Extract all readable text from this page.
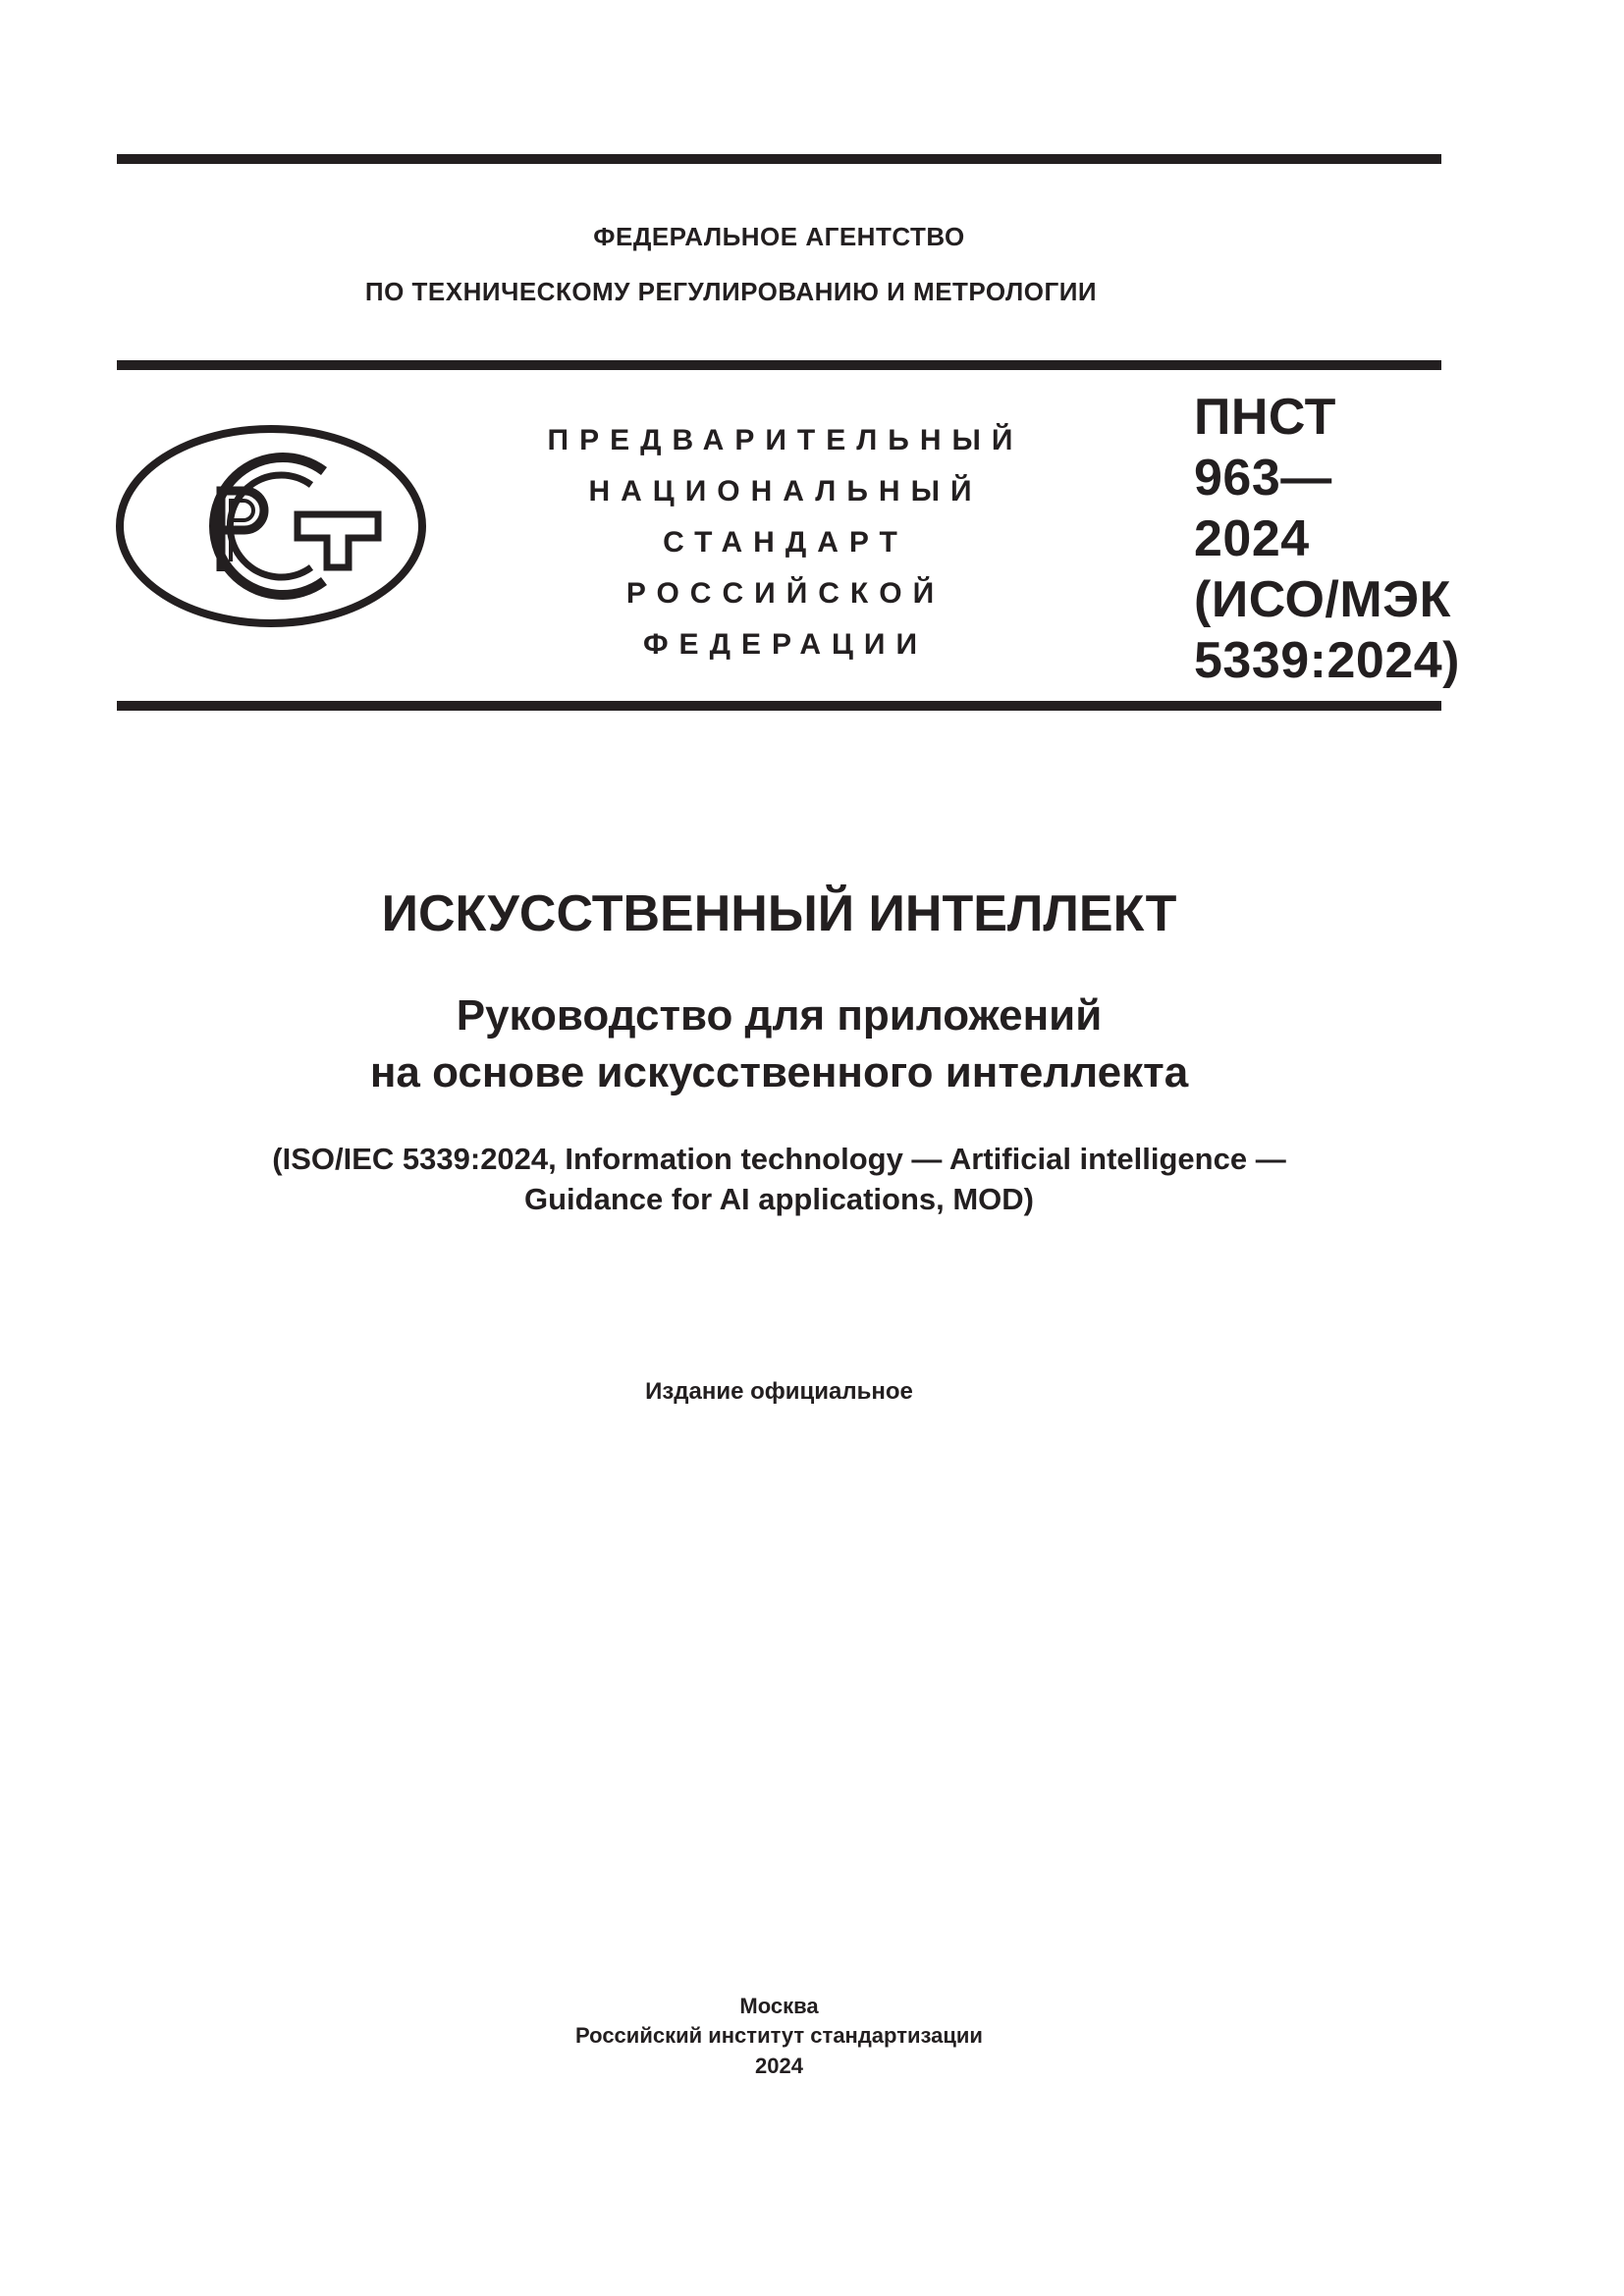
ФЕДЕРАЛЬНОЕ АГЕНТСТВО
ПО ТЕХНИЧЕСКОМУ РЕГУЛИРОВАНИЮ И МЕТРОЛОГИИ
ПРЕДВАРИТЕЛЬНЫЙ
НАЦИОНАЛЬНЫЙ
СТАНДАРТ
РОССИЙСКОЙ
ФЕДЕРАЦИИ
ПНСТ
963—
2024
(ИСО/МЭК
5339:2024)
ИСКУССТВЕННЫЙ ИНТЕЛЛЕКТ
Руководство для приложений
на основе искусственного интеллекта
(ISO/IEC 5339:2024, Information technology — Artificial intelligence —
Guidance for AI applications, MOD)
Издание официальное
Москва
Российский институт стандартизации
2024
